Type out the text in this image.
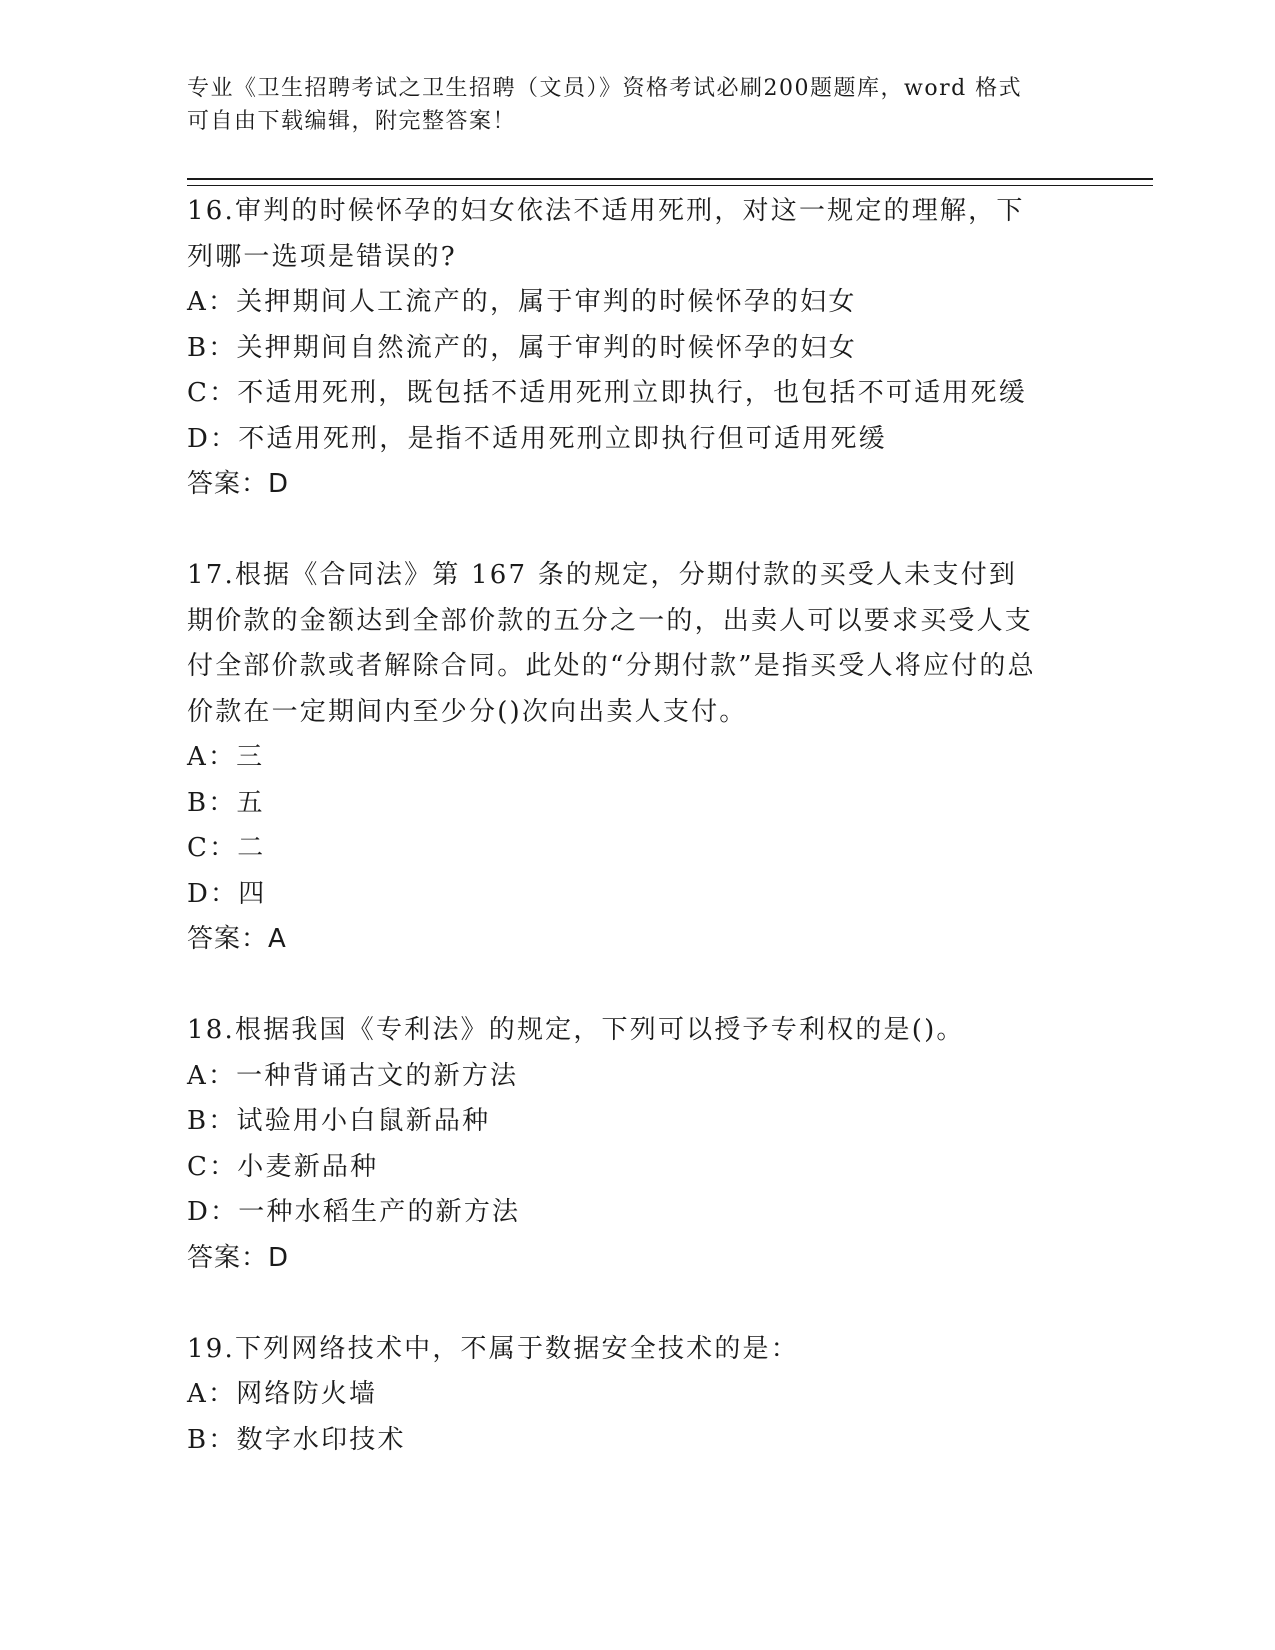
专业《卫生招聘考试之卫生招聘（文员）》资格考试必刷200题题库，word 格式
可自由下载编辑，附完整答案！

16.审判的时候怀孕的妇女依法不适用死刑，对这一规定的理解，下列哪一选项是错误的?

A：关押期间人工流产的，属于审判的时候怀孕的妇女
B：关押期间自然流产的，属于审判的时候怀孕的妇女
C：不适用死刑，既包括不适用死刑立即执行，也包括不可适用死缓
D：不适用死刑，是指不适用死刑立即执行但可适用死缓
答案：D

17.根据《合同法》第 167 条的规定，分期付款的买受人未支付到期价款的金额达到全部价款的五分之一的，出卖人可以要求买受人支付全部价款或者解除合同。此处的“分期付款”是指买受人将应付的总价款在一定期间内至少分()次向出卖人支付。

A：三
B：五
C：二
D：四
答案：A

18.根据我国《专利法》的规定，下列可以授予专利权的是()。

A：一种背诵古文的新方法
B：试验用小白鼠新品种
C：小麦新品种
D：一种水稻生产的新方法
答案：D

19.下列网络技术中，不属于数据安全技术的是：

A：网络防火墙
B：数字水印技术
